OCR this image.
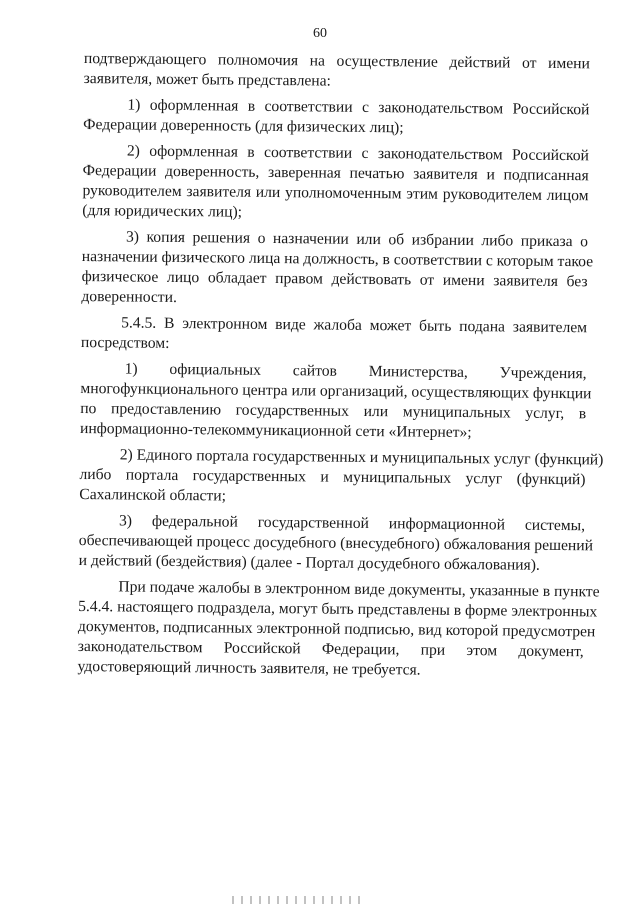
60
подтверждающего полномочия на осуществление действий от имени
заявителя, может быть представлена:
1) оформленная в соответствии с законодательством Российской
Федерации доверенность (для физических лиц);
2) оформленная в соответствии с законодательством Российской
Федерации доверенность, заверенная печатью заявителя и подписанная
руководителем заявителя или уполномоченным этим руководителем лицом
(для юридических лиц);
3) копия решения о назначении или об избрании либо приказа о
назначении физического лица на должность, в соответствии с которым такое
физическое лицо обладает правом действовать от имени заявителя без
доверенности.
5.4.5. В электронном виде жалоба может быть подана заявителем
посредством:
1) официальных сайтов Министерства, Учреждения,
многофункционального центра или организаций, осуществляющих функции
по предоставлению государственных или муниципальных услуг, в
информационно-телекоммуникационной сети «Интернет»;
2) Единого портала государственных и муниципальных услуг (функций)
либо портала государственных и муниципальных услуг (функций)
Сахалинской области;
3) федеральной государственной информационной системы,
обеспечивающей процесс досудебного (внесудебного) обжалования решений
и действий (бездействия) (далее - Портал досудебного обжалования).
При подаче жалобы в электронном виде документы, указанные в пункте
5.4.4. настоящего подраздела, могут быть представлены в форме электронных
документов, подписанных электронной подписью, вид которой предусмотрен
законодательством Российской Федерации, при этом документ,
удостоверяющий личность заявителя, не требуется.
